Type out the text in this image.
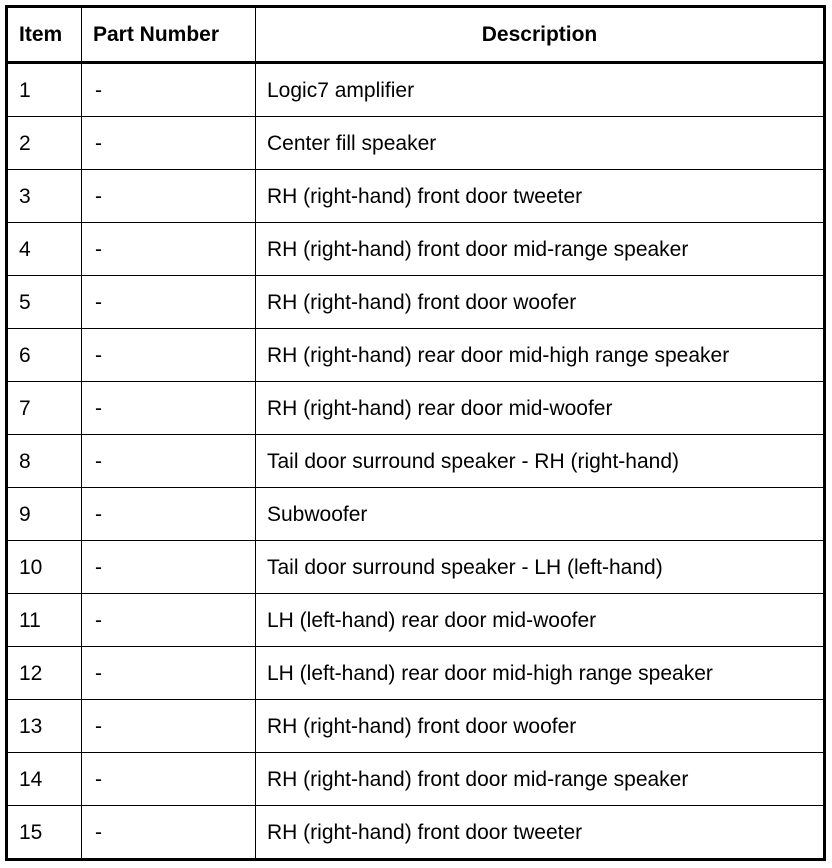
Item	Part Number	Description
1	-	Logic7 amplifier
2	-	Center fill speaker
3	-	RH (right-hand) front door tweeter
4	-	RH (right-hand) front door mid-range speaker
5	-	RH (right-hand) front door woofer
6	-	RH (right-hand) rear door mid-high range speaker
7	-	RH (right-hand) rear door mid-woofer
8	-	Tail door surround speaker - RH (right-hand)
9	-	Subwoofer
10	-	Tail door surround speaker - LH (left-hand)
11	-	LH (left-hand) rear door mid-woofer
12	-	LH (left-hand) rear door mid-high range speaker
13	-	RH (right-hand) front door woofer
14	-	RH (right-hand) front door mid-range speaker
15	-	RH (right-hand) front door tweeter
